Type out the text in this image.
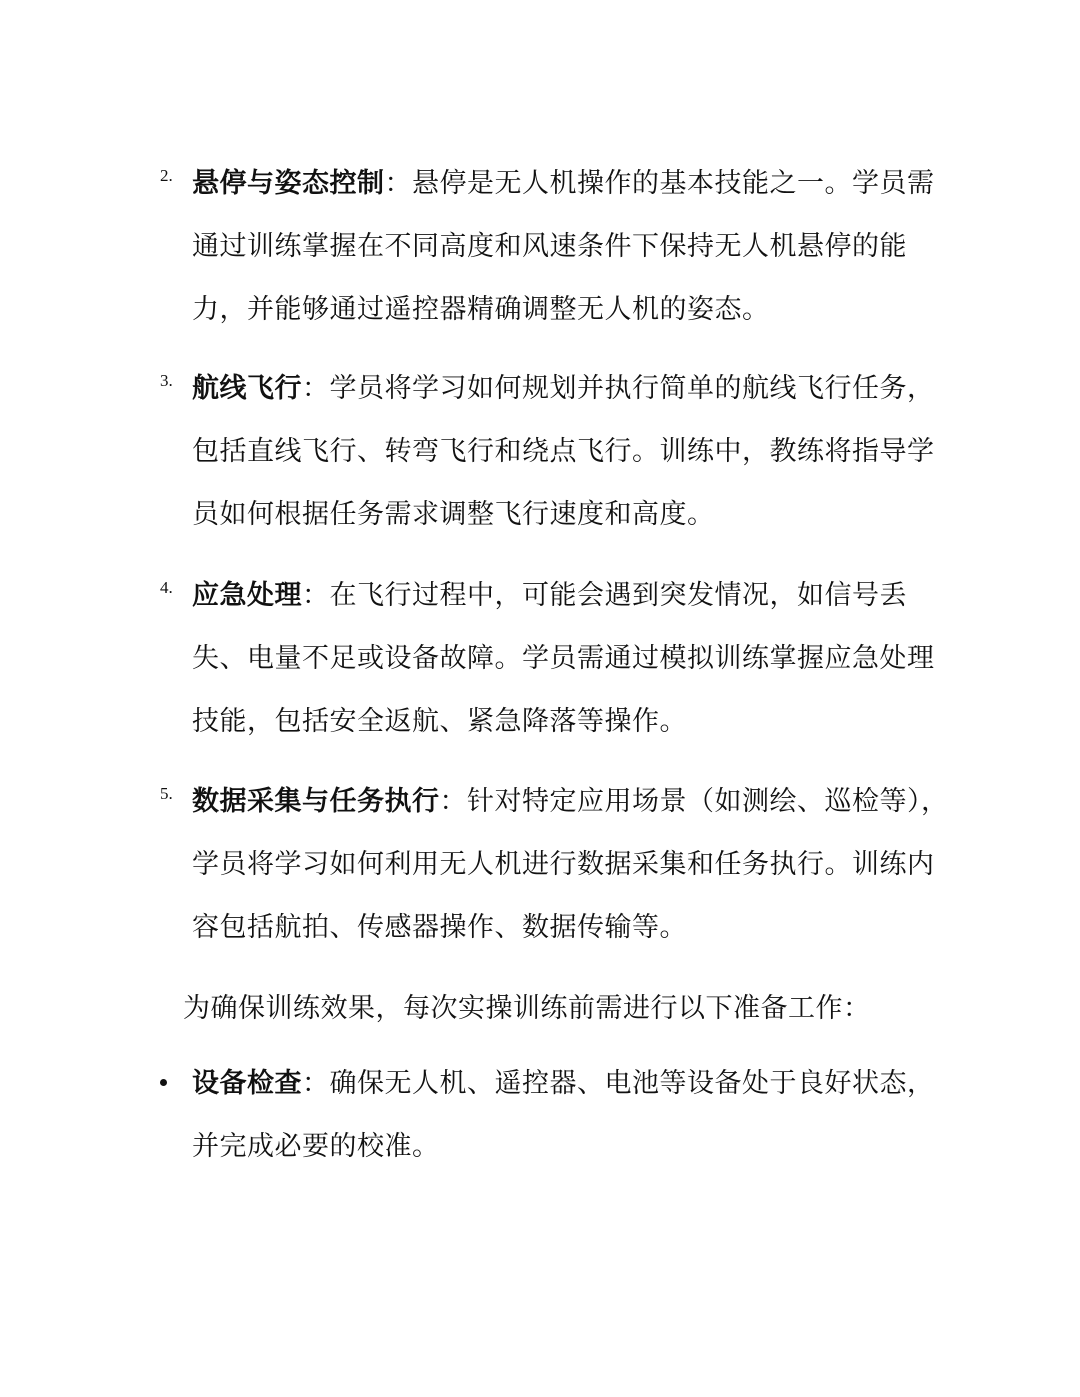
2. 悬停与姿态控制：悬停是无人机操作的基本技能之一。学员需通过训练掌握在不同高度和风速条件下保持无人机悬停的能力，并能够通过遥控器精确调整无人机的姿态。
3. 航线飞行：学员将学习如何规划并执行简单的航线飞行任务，包括直线飞行、转弯飞行和绕点飞行。训练中，教练将指导学员如何根据任务需求调整飞行速度和高度。
4. 应急处理：在飞行过程中，可能会遇到突发情况，如信号丢失、电量不足或设备故障。学员需通过模拟训练掌握应急处理技能，包括安全返航、紧急降落等操作。
5. 数据采集与任务执行：针对特定应用场景（如测绘、巡检等），学员将学习如何利用无人机进行数据采集和任务执行。训练内容包括航拍、传感器操作、数据传输等。
为确保训练效果，每次实操训练前需进行以下准备工作：
设备检查：确保无人机、遥控器、电池等设备处于良好状态，并完成必要的校准。
